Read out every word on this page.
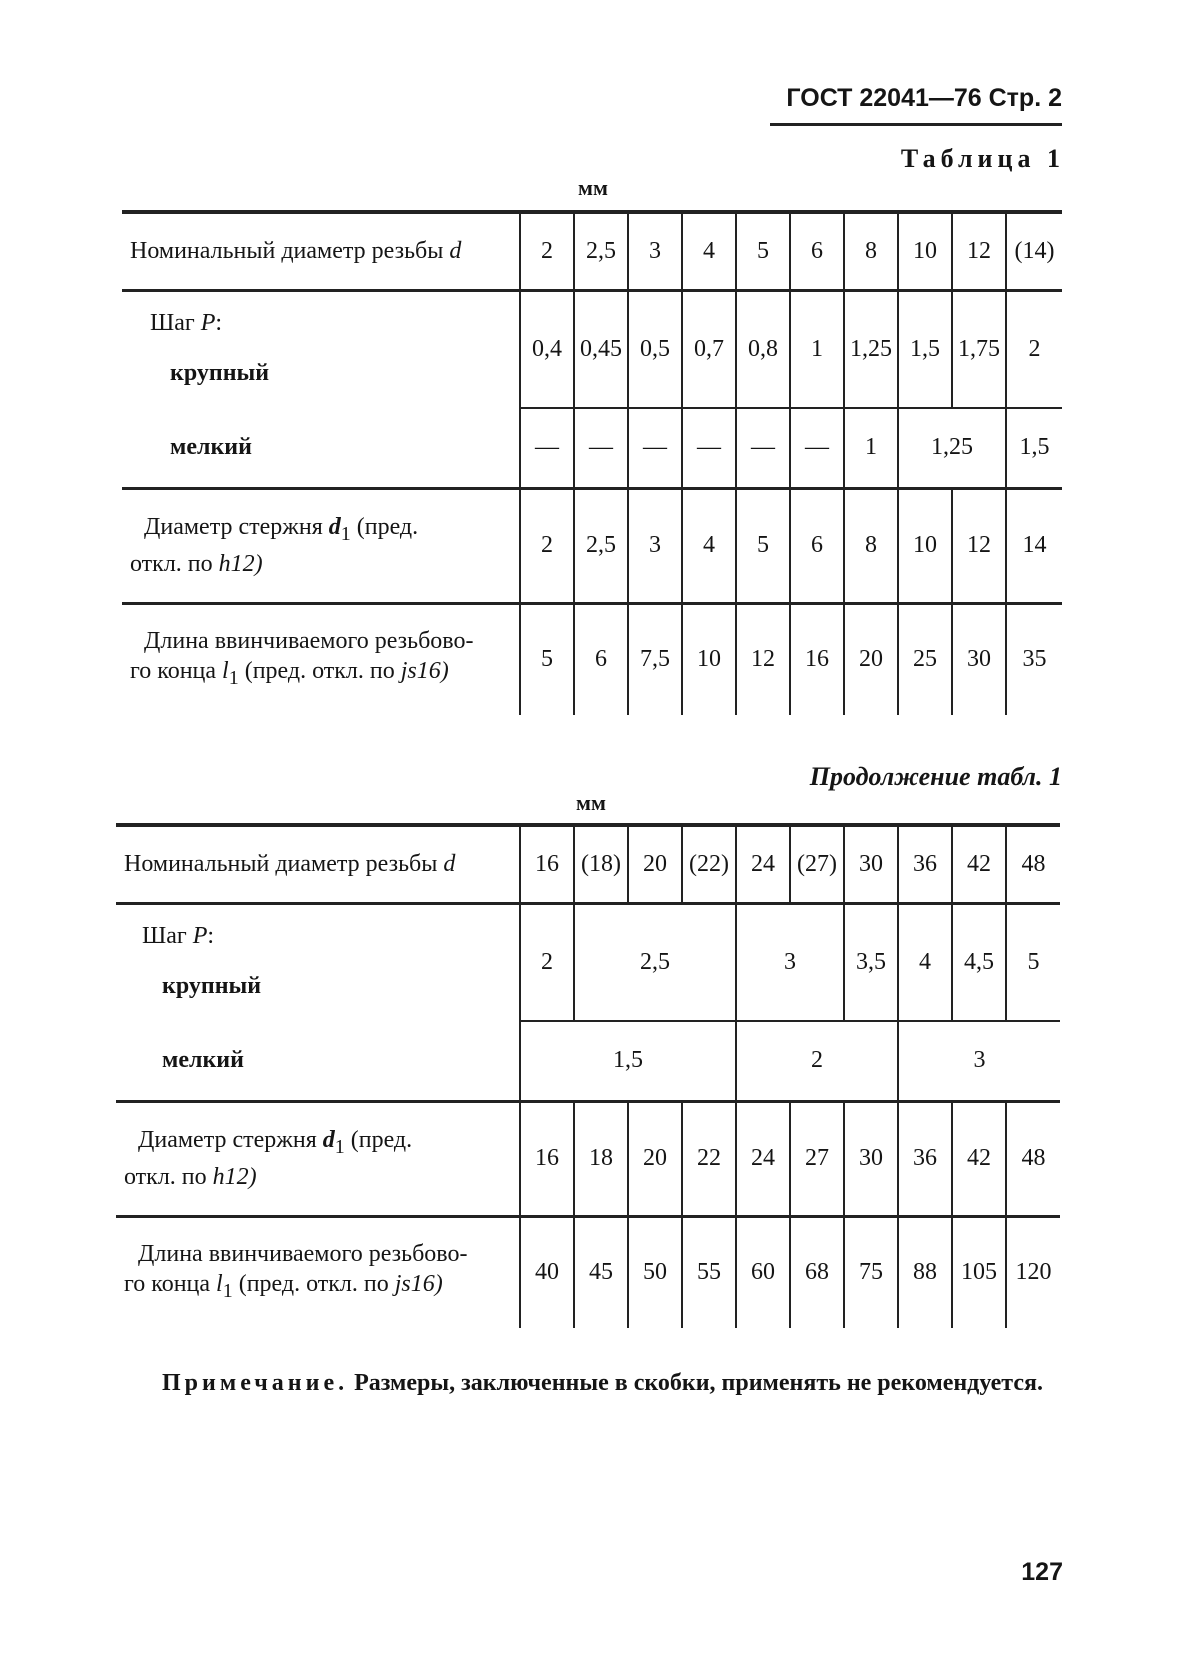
ГОСТ 22041—76 Стр. 2
Таблица 1
мм
Номинальный диаметр резьбы d	2	2,5	3	4	5	6	8	10	12	(14)
Шаг P:	0,4	0,45	0,5	0,7	0,8	1	1,25	1,5	1,75	2
крупный										
мелкий	—	—	—	—	—	—	1	1,25		1,5
Диаметр стержня $d_1$ (пред.
откл. по h12)	2	2,5	3	4	5	6	8	10	12	14
Длина ввинчиваемого резьбово-
го конца $l_1$ (пред. откл. по js16)	5	6	7,5	10	12	16	20	25	30	35
Продолжение табл. 1
мм
Номинальный диаметр резьбы d	16	(18)	20	(22)	24	(27)	30	36	42	48
Шаг P:	2	2,5			3		3,5	4	4,5	5
крупный										
мелкий	1,5				2			3		
Диаметр стержня $d_1$ (пред.
откл. по h12)	16	18	20	22	24	27	30	36	42	48
Длина ввинчиваемого резьбово-
го конца $l_1$ (пред. откл. по js16)	40	45	50	55	60	68	75	88	105	120
Примечание. Размеры, заключенные в скобки, применять не рекомендуется.
127
